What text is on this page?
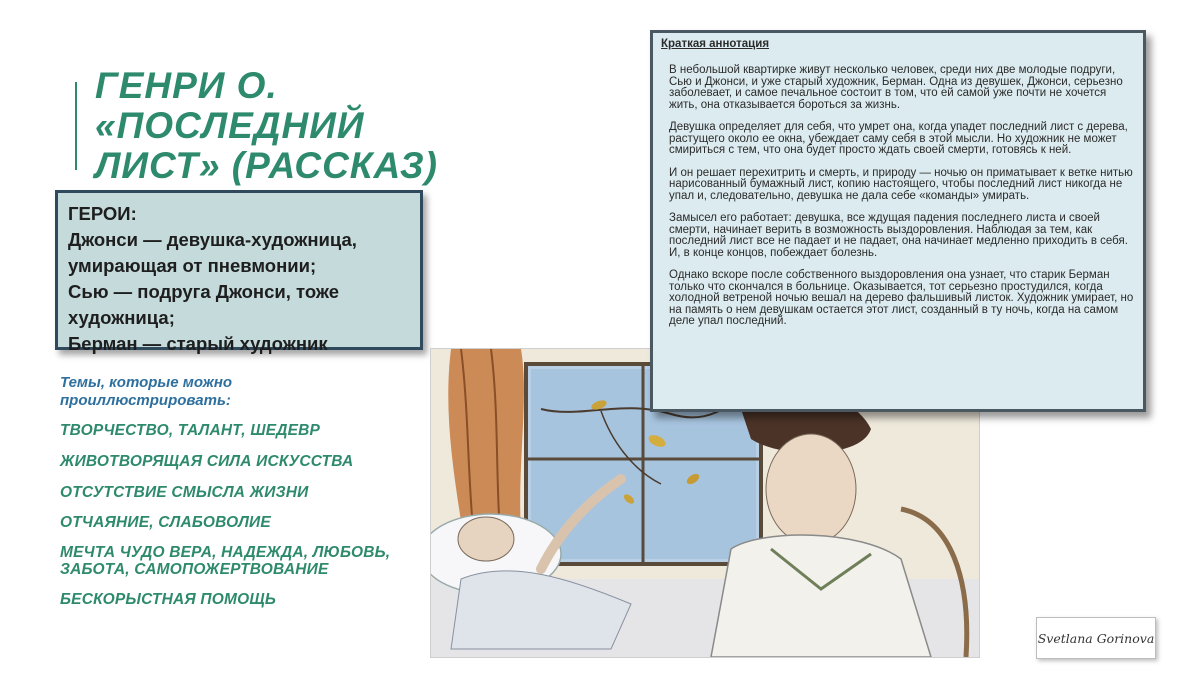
ГЕНРИ О.
«ПОСЛЕДНИЙ
ЛИСТ» (РАССКАЗ)
ГЕРОИ:
Джонси — девушка-художница,
умирающая от пневмонии;
Сью — подруга Джонси, тоже
художница;
Берман — старый художник

Темы, которые можно проиллюстрировать:

ТВОРЧЕСТВО, ТАЛАНТ, ШЕДЕВР
ЖИВОТВОРЯЩАЯ СИЛА ИСКУССТВА
ОТСУТСТВИЕ СМЫСЛА ЖИЗНИ
ОТЧАЯНИЕ, СЛАБОВОЛИЕ
МЕЧТА ЧУДО ВЕРА, НАДЕЖДА, ЛЮБОВЬ, ЗАБОТА, САМОПОЖЕРТВОВАНИЕ
БЕСКОРЫСТНАЯ ПОМОЩЬ
Краткая аннотация

В небольшой квартирке живут несколько человек, среди них две молодые подруги, Сью и Джонси, и уже старый художник, Берман. Одна из девушек, Джонси, серьезно заболевает, и самое печальное состоит в том, что ей самой уже почти не хочется жить, она отказывается бороться за жизнь.

Девушка определяет для себя, что умрет она, когда упадет последний лист с дерева, растущего около ее окна, убеждает саму себя в этой мысли. Но художник не может смириться с тем, что она будет просто ждать своей смерти, готовясь к ней.

И он решает перехитрить и смерть, и природу — ночью он приматывает к ветке нитью нарисованный бумажный лист, копию настоящего, чтобы последний лист никогда не упал и, следовательно, девушка не дала себе «команды» умирать.

Замысел его работает: девушка, все ждущая падения последнего листа и своей смерти, начинает верить в возможность выздоровления. Наблюдая за тем, как последний лист все не падает и не падает, она начинает медленно приходить в себя. И, в конце концов, побеждает болезнь.

Однако вскоре после собственного выздоровления она узнает, что старик Берман только что скончался в больнице. Оказывается, тот серьезно простудился, когда холодной ветреной ночью вешал на дерево фальшивый листок. Художник умирает, но на память о нем девушкам остается этот лист, созданный в ту ночь, когда на самом деле упал последний.

Svetlana Gorinova
